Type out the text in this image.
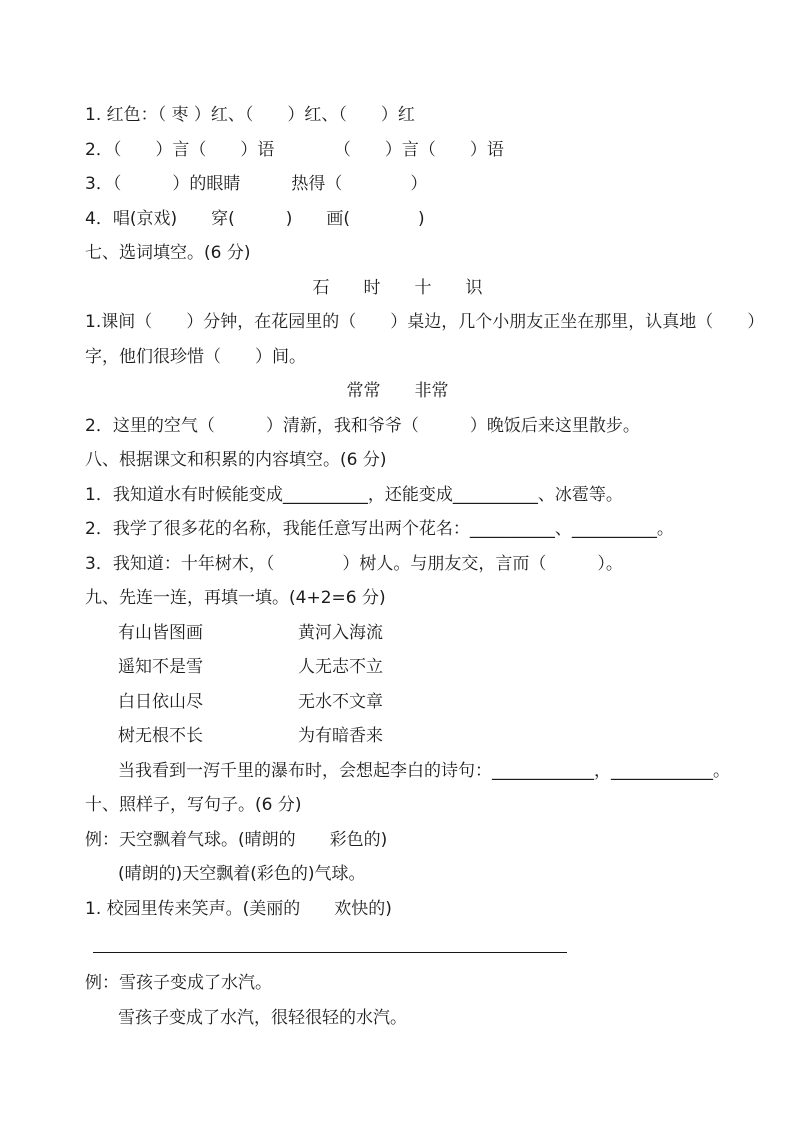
1. 红色：（ 枣 ）红、（　　）红、（　　）红
2．（　　）言（　　）语　　　　（　　）言（　　）语
3．（　　　）的眼睛　　　热得（　　　　）
4．唱(京戏)　　穿(　　　)　　画(　　　　)
七、选词填空。(6 分)
石　　时　　十　　识
1.课间（　　）分钟，在花园里的（　　）桌边，几个小朋友正坐在那里，认真地（　　）
字，他们很珍惜（　　）间。
常常　　非常
2．这里的空气（　　　）清新，我和爷爷（　　　）晚饭后来这里散步。
八、根据课文和积累的内容填空。(6 分)
1．我知道水有时候能变成__________，还能变成__________、冰雹等。
2．我学了很多花的名称，我能任意写出两个花名：__________、__________。
3．我知道：十年树木，（　　　　）树人。与朋友交，言而（　　　）。
九、先连一连，再填一填。(4+2=6 分)
有山皆图画	黄河入海流
遥知不是雪	人无志不立
白日依山尽	无水不文章
树无根不长	为有暗香来
当我看到一泻千里的瀑布时，会想起李白的诗句：____________，____________。
十、照样子，写句子。(6 分)
例：天空飘着气球。(晴朗的　　彩色的)
(晴朗的)天空飘着(彩色的)气球。
1. 校园里传来笑声。(美丽的　　欢快的)
例：雪孩子变成了水汽。
雪孩子变成了水汽，很轻很轻的水汽。
